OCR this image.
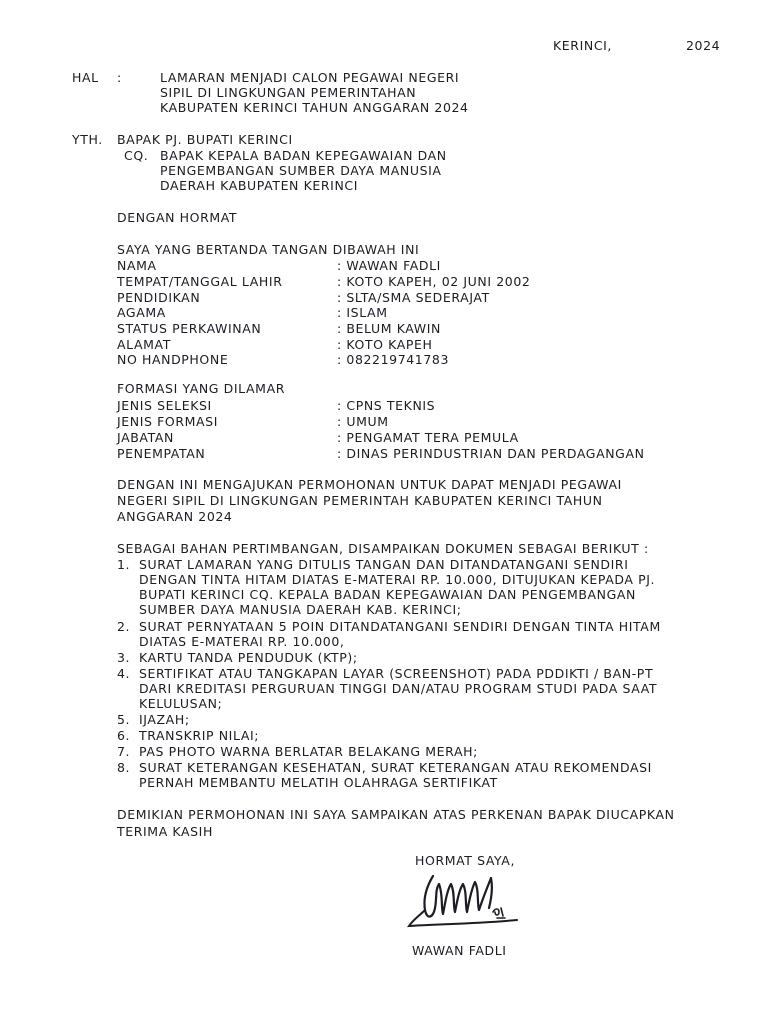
KERINCI,	2024
HAL :	LAMARAN MENJADI CALON PEGAWAI NEGERI
SIPIL DI LINGKUNGAN PEMERINTAHAN
KABUPATEN KERINCI TAHUN ANGGARAN 2024
YTH. BAPAK PJ. BUPATI KERINCI
CQ. BAPAK KEPALA BADAN KEPEGAWAIAN DAN
PENGEMBANGAN SUMBER DAYA MANUSIA
DAERAH KABUPATEN KERINCI
DENGAN HORMAT
SAYA YANG BERTANDA TANGAN DIBAWAH INI
NAMA	: WAWAN FADLI
TEMPAT/TANGGAL LAHIR	: KOTO KAPEH, 02 JUNI 2002
PENDIDIKAN	: SLTA/SMA SEDERAJAT
AGAMA	: ISLAM
STATUS PERKAWINAN	: BELUM KAWIN
ALAMAT	: KOTO KAPEH
NO HANDPHONE	: 082219741783
FORMASI YANG DILAMAR
JENIS SELEKSI	: CPNS TEKNIS
JENIS FORMASI	: UMUM
JABATAN	: PENGAMAT TERA PEMULA
PENEMPATAN	: DINAS PERINDUSTRIAN DAN PERDAGANGAN
DENGAN INI MENGAJUKAN PERMOHONAN UNTUK DAPAT MENJADI PEGAWAI
NEGERI SIPIL DI LINGKUNGAN PEMERINTAH KABUPATEN KERINCI TAHUN
ANGGARAN 2024
SEBAGAI BAHAN PERTIMBANGAN, DISAMPAIKAN DOKUMEN SEBAGAI BERIKUT :
1. SURAT LAMARAN YANG DITULIS TANGAN DAN DITANDATANGANI SENDIRI
DENGAN TINTA HITAM DIATAS E-MATERAI RP. 10.000, DITUJUKAN KEPADA PJ.
BUPATI KERINCI CQ. KEPALA BADAN KEPEGAWAIAN DAN PENGEMBANGAN
SUMBER DAYA MANUSIA DAERAH KAB. KERINCI;
2. SURAT PERNYATAAN 5 POIN DITANDATANGANI SENDIRI DENGAN TINTA HITAM
DIATAS E-MATERAI RP. 10.000,
3. KARTU TANDA PENDUDUK (KTP);
4. SERTIFIKAT ATAU TANGKAPAN LAYAR (SCREENSHOT) PADA PDDIKTI / BAN-PT
DARI KREDITASI PERGURUAN TINGGI DAN/ATAU PROGRAM STUDI PADA SAAT
KELULUSAN;
5. IJAZAH;
6. TRANSKRIP NILAI;
7. PAS PHOTO WARNA BERLATAR BELAKANG MERAH;
8. SURAT KETERANGAN KESEHATAN, SURAT KETERANGAN ATAU REKOMENDASI
PERNAH MEMBANTU MELATIH OLAHRAGA SERTIFIKAT
DEMIKIAN PERMOHONAN INI SAYA SAMPAIKAN ATAS PERKENAN BAPAK DIUCAPKAN
TERIMA KASIH
HORMAT SAYA,
WAWAN FADLI
